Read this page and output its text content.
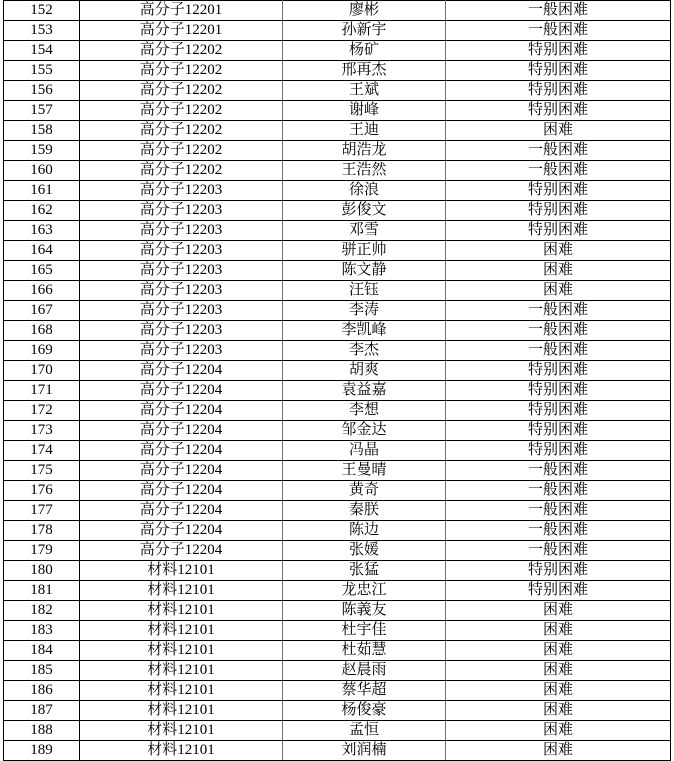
152	高分子12201	廖彬	一般困难
153	高分子12201	孙新宇	一般困难
154	高分子12202	杨矿	特别困难
155	高分子12202	邢再杰	特别困难
156	高分子12202	王斌	特别困难
157	高分子12202	谢峰	特别困难
158	高分子12202	王迪	困难
159	高分子12202	胡浩龙	一般困难
160	高分子12202	王浩然	一般困难
161	高分子12203	徐浪	特别困难
162	高分子12203	彭俊文	特别困难
163	高分子12203	邓雪	特别困难
164	高分子12203	骈正帅	困难
165	高分子12203	陈文静	困难
166	高分子12203	汪钰	困难
167	高分子12203	李涛	一般困难
168	高分子12203	李凯峰	一般困难
169	高分子12203	李杰	一般困难
170	高分子12204	胡爽	特别困难
171	高分子12204	袁益嘉	特别困难
172	高分子12204	李想	特别困难
173	高分子12204	邹金达	特别困难
174	高分子12204	冯晶	特别困难
175	高分子12204	王曼晴	一般困难
176	高分子12204	黄奇	一般困难
177	高分子12204	秦朕	一般困难
178	高分子12204	陈边	一般困难
179	高分子12204	张媛	一般困难
180	材料12101	张猛	特别困难
181	材料12101	龙忠江	特别困难
182	材料12101	陈義友	困难
183	材料12101	杜宇佳	困难
184	材料12101	杜茹慧	困难
185	材料12101	赵晨雨	困难
186	材料12101	蔡华超	困难
187	材料12101	杨俊豪	困难
188	材料12101	孟恒	困难
189	材料12101	刘润楠	困难
